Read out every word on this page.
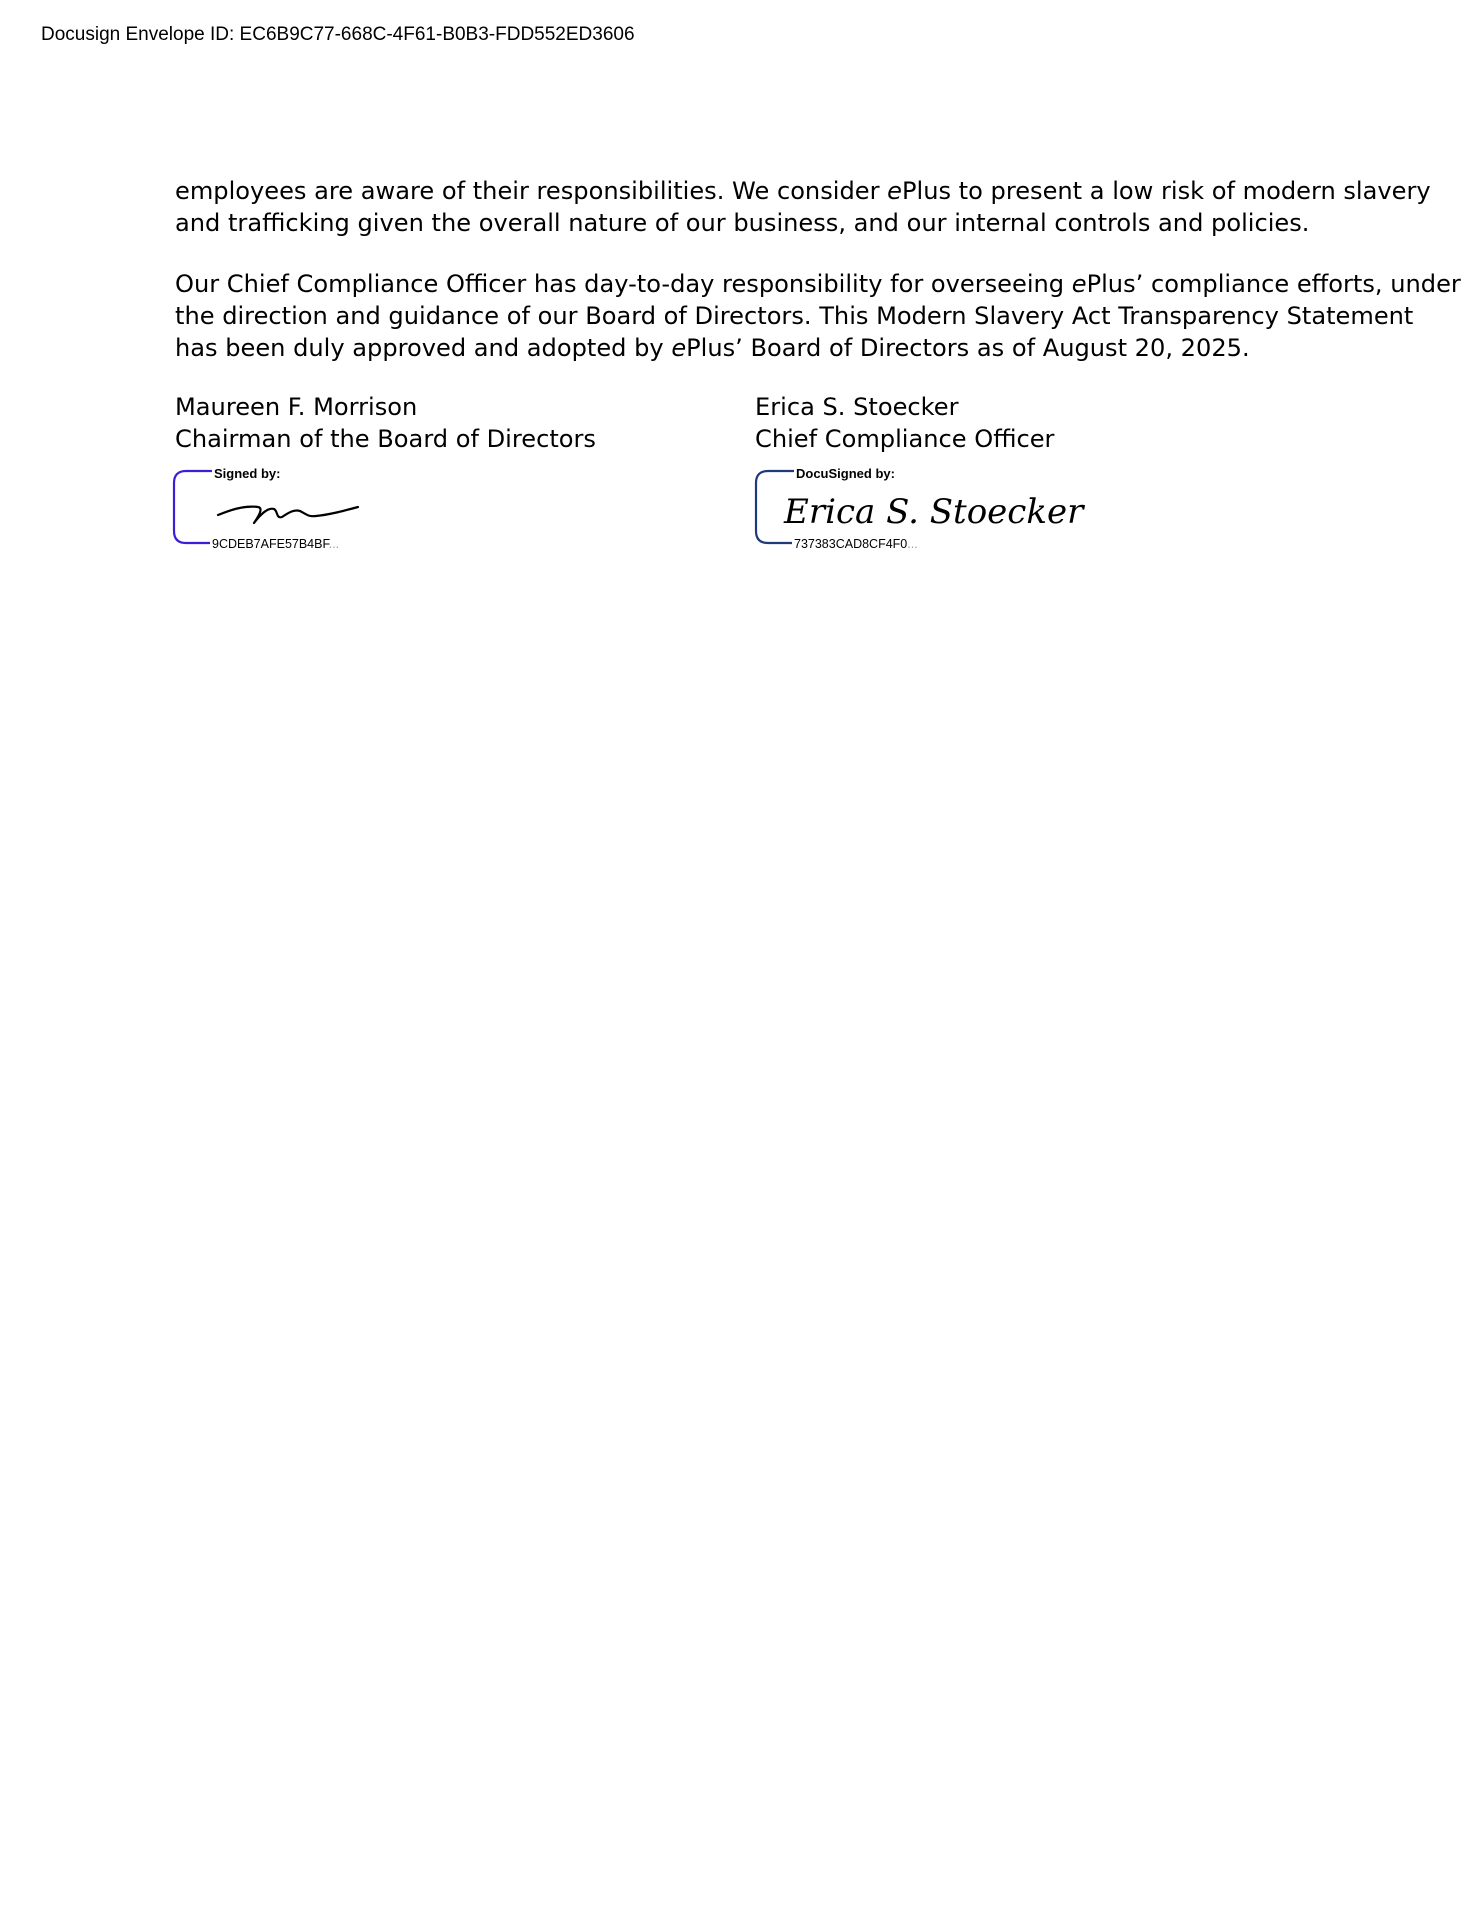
Docusign Envelope ID: EC6B9C77-668C-4F61-B0B3-FDD552ED3606

employees are aware of their responsibilities. We consider ePlus to present a low risk of modern slavery
and trafficking given the overall nature of our business, and our internal controls and policies.

Our Chief Compliance Officer has day-to-day responsibility for overseeing ePlus’ compliance efforts, under
the direction and guidance of our Board of Directors. This Modern Slavery Act Transparency Statement
has been duly approved and adopted by ePlus’ Board of Directors as of August 20, 2025.

Maureen F. Morrison
Chairman of the Board of Directors
Erica S. Stoecker
Chief Compliance Officer
Signed by:
9CDEB7AFE57B4BF...
DocuSigned by:
Erica S. Stoecker
737383CAD8CF4F0...
